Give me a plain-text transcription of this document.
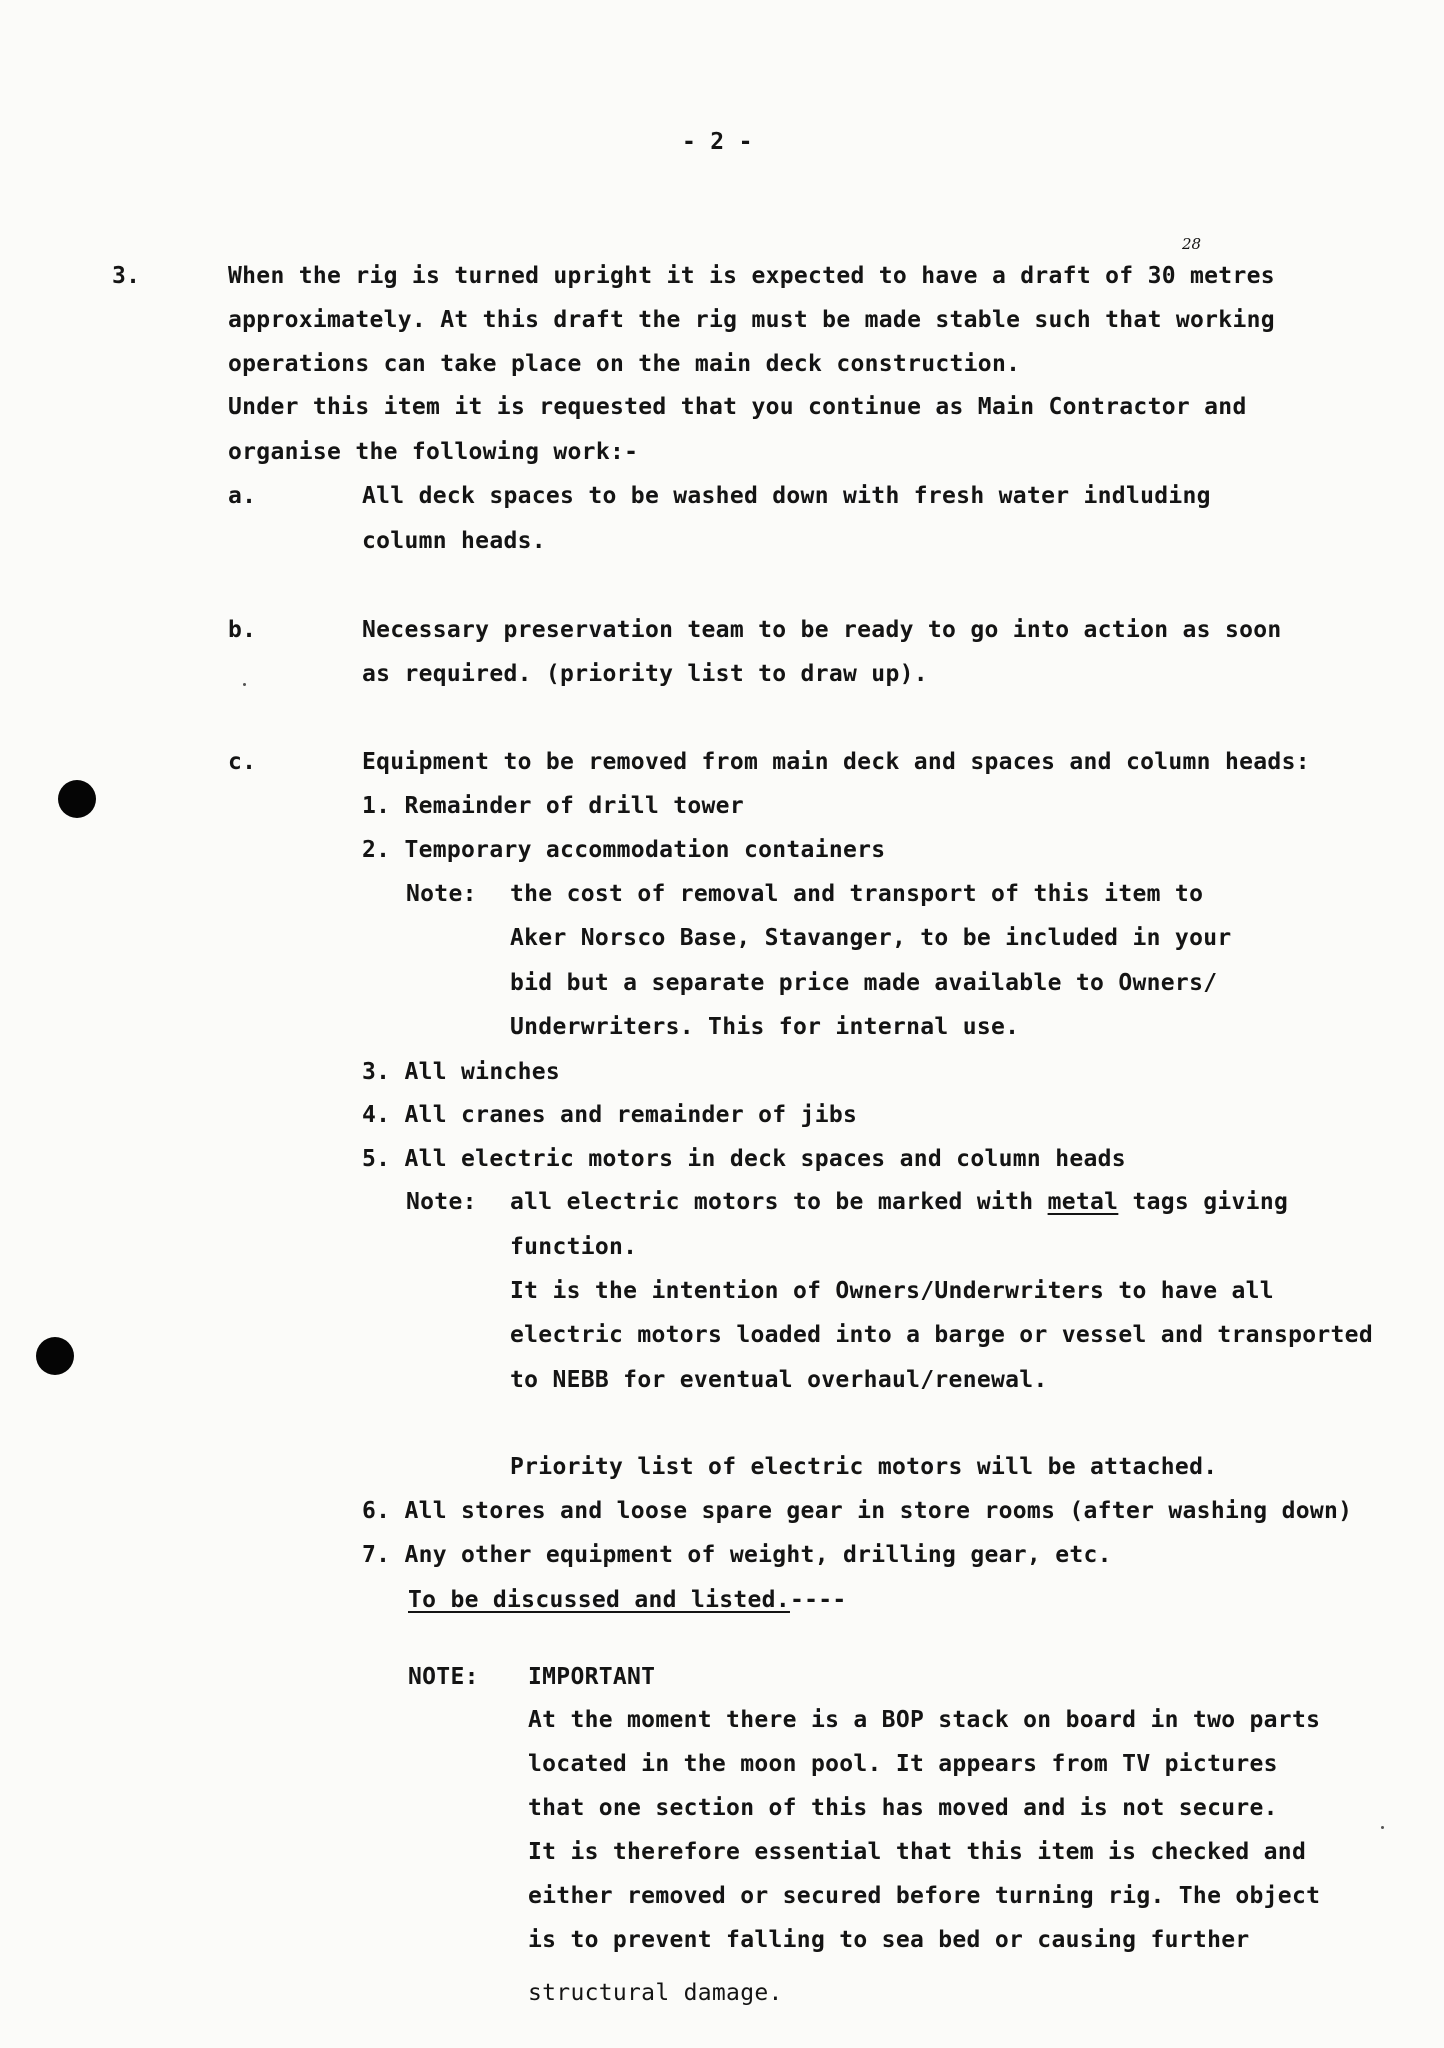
- 2 -
3.
28
When the rig is turned upright it is expected to have a draft of 30 metres
approximately. At this draft the rig must be made stable such that working
operations can take place on the main deck construction.
Under this item it is requested that you continue as Main Contractor and
organise the following work:-
a.	All deck spaces to be washed down with fresh water indluding
column heads.
b.	Necessary preservation team to be ready to go into action as soon
as required. (priority list to draw up).
c.	Equipment to be removed from main deck and spaces and column heads:
1. Remainder of drill tower
2. Temporary accommodation containers
Note: the cost of removal and transport of this item to
Aker Norsco Base, Stavanger, to be included in your
bid but a separate price made available to Owners/
Underwriters. This for internal use.
3. All winches
4. All cranes and remainder of jibs
5. All electric motors in deck spaces and column heads
Note: all electric motors to be marked with metal tags giving
function.
It is the intention of Owners/Underwriters to have all
electric motors loaded into a barge or vessel and transported
to NEBB for eventual overhaul/renewal.
Priority list of electric motors will be attached.
6. All stores and loose spare gear in store rooms (after washing down)
7. Any other equipment of weight, drilling gear, etc.
To be discussed and listed.----
NOTE: IMPORTANT
At the moment there is a BOP stack on board in two parts
located in the moon pool. It appears from TV pictures
that one section of this has moved and is not secure.
It is therefore essential that this item is checked and
either removed or secured before turning rig. The object
is to prevent falling to sea bed or causing further
structural damage.
